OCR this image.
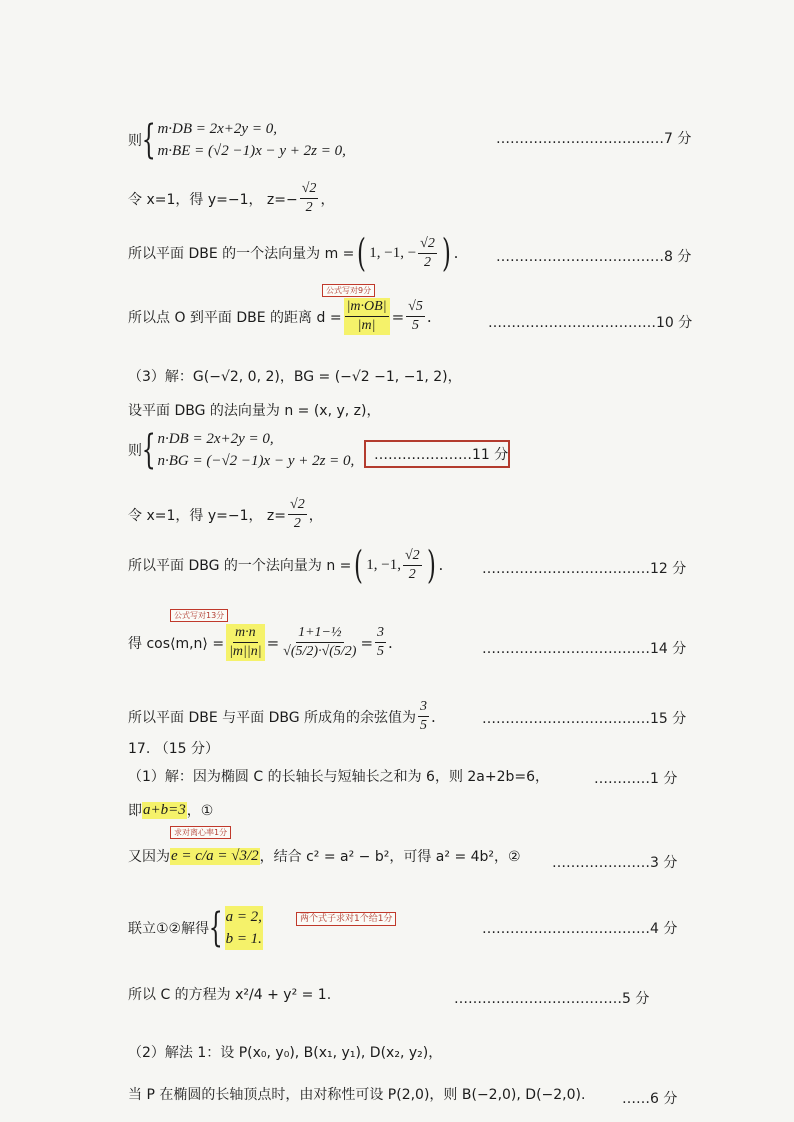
则 { m·DB = 2x+2y = 0,
m·BE = (√2 −1)x − y + 2z = 0,
………………………………7 分
令 x=1，得 y=−1， $z=- \frac{√2}{2}$ ，
所以平面 DBE 的一个法向量为 m = ( 1, −1, − $\frac{√2}{2}$ ) .	………………………………8 分
公式写对9分
所以点 O 到平面 DBE 的距离 $d = \frac{|m\cdot OB|}{|m|} = \frac{√5}{5}$ .	………………………………10 分
（3）解：G(−√2, 0, 2)，BG = (−√2 −1, −1, 2)，
设平面 DBG 的法向量为 n = (x, y, z)，
则 { n·DB = 2x+2y = 0,
n·BG = (−√2 −1)x − y + 2z = 0,	…………………11 分
令 x=1，得 y=−1， $z= \frac{√2}{2}$ ，
所以平面 DBG 的一个法向量为 n = ( 1, −1, $\frac{√2}{2}$ ) .	………………………………12 分
公式写对13分
得 cos⟨m,n⟩ = $\frac{m\cdot n}{|m||n|} = \frac{\text{1+1−½}}{√(5/2)\cdot√(5/2)} = \frac{3}{5}$ .	………………………………14 分
所以平面 DBE 与平面 DBG 所成角的余弦值为 $\frac{3}{5}$ .	………………………………15 分
17. （15 分）
（1）解：因为椭圆 C 的长轴长与短轴长之和为 6，则 2a+2b=6，	…………1 分
即 a+b=3 ，①
求对离心率1分
又因为 e = c/a = √3/2 ，结合 c² = a² − b²，可得 a² = 4b²，② …………………3 分
联立①②解得 { a = 2,
b = 1.
两个式子求对1个给1分
………………………………4 分
所以 C 的方程为 x²/4 + y² = 1.	………………………………5 分
（2）解法 1：设 P(x₀, y₀), B(x₁, y₁), D(x₂, y₂)，
当 P 在椭圆的长轴顶点时，由对称性可设 P(2,0)，则 B(−2,0), D(−2,0).	……6 分
